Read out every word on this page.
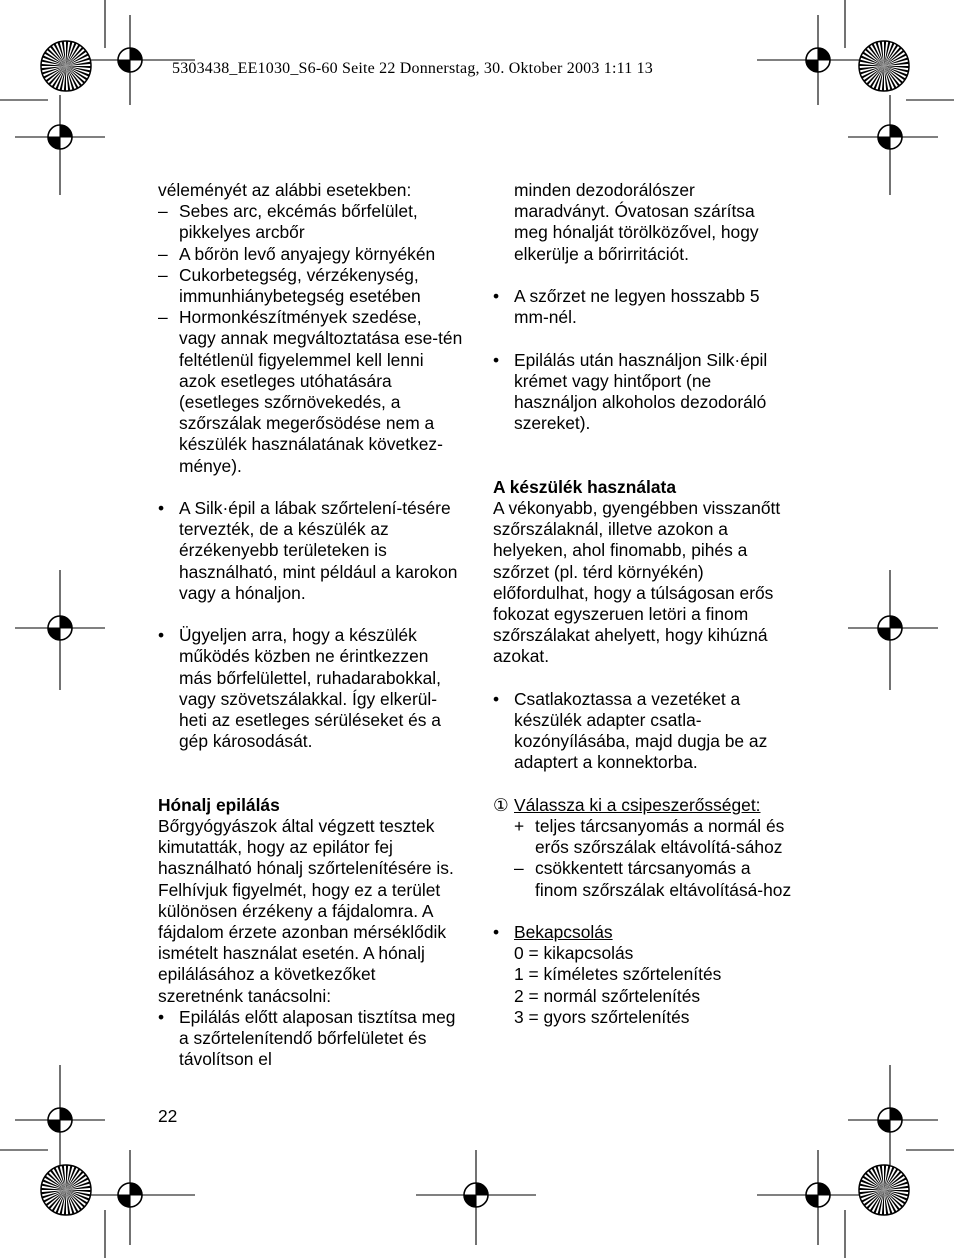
5303438_EE1030_S6-60 Seite 22 Donnerstag, 30. Oktober 2003 1:11 13

véleményét az alábbi esetekben:

– Sebes arc, ekcémás bőrfelület, pikkelyes arcbőr
– A bőrön levő anyajegy környékén
– Cukorbetegség, vérzékenység, immunhiánybetegség esetében
– Hormonkészítmények szedése, vagy annak megváltoztatása ese-tén feltétlenül figyelemmel kell lenni azok esetleges utóhatására (esetleges szőrnövekedés, a szőrszálak megerősödése nem a készülék használatának következ-ménye).
• A Silk·épil a lábak szőrtelení-tésére tervezték, de a készülék az érzékenyebb területeken is használható, mint például a karokon vagy a hónaljon.
• Ügyeljen arra, hogy a készülék működés közben ne érintkezzen más bőrfelülettel, ruhadarabokkal, vagy szövetszálakkal. Így elkerül-heti az esetleges sérüléseket és a gép károsodását.

Hónalj epilálás

Bőrgyógyászok által végzett tesztek kimutatták, hogy az epilátor fej használható hónalj szőrtelenítésére is. Felhívjuk figyelmét, hogy ez a terület különösen érzékeny a fájdalomra. A fájdalom érzete azonban mérséklődik ismételt használat esetén. A hónalj epilálásához a következőket szeretnénk tanácsolni:

• Epilálás előtt alaposan tisztítsa meg a szőrtelenítendő bőrfelületet és távolítson el

minden dezodorálószer maradványt. Óvatosan szárítsa meg hónalját törölközővel, hogy elkerülje a bőrirritációt.

• A szőrzet ne legyen hosszabb 5 mm-nél.
• Epilálás után használjon Silk·épil krémet vagy hintőport (ne használjon alkoholos dezodoráló szereket).

A készülék használata

A vékonyabb, gyengébben visszanőtt szőrszálaknál, illetve azokon a helyeken, ahol finomabb, pihés a szőrzet (pl. térd környékén) előfordulhat, hogy a túlságosan erős fokozat egyszeruen letöri a finom szőrszálakat ahelyett, hogy kihúzná azokat.

• Csatlakoztassa a vezetéket a készülék adapter csatla-kozónyílásába, majd dugja be az adaptert a konnektorba.
① Válassza ki a csipeszerősséget:
+ teljes tárcsanyomás a normál és erős szőrszálak eltávolítá-sához
– csökkentett tárcsanyomás a finom szőrszálak eltávolításá-hoz
• Bekapcsolás

0 = kikapcsolás

1 = kíméletes szőrtelenítés

2 = normál szőrtelenítés

3 = gyors szőrtelenítés

22
